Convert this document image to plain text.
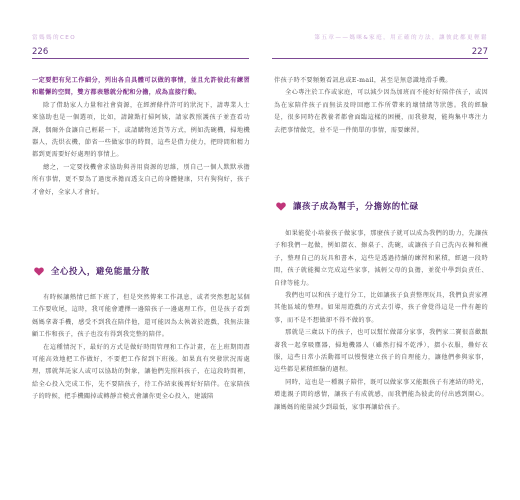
當媽媽的CEO
226

一定要把有兒工作細分，列出各自具體可以做的事情，並且允許彼此有練習和鬆懈的空間，雙方都表態就分配和分擔，成為直接行動。

除了借助家人力量和社會資源，在經濟條件許可的狀況下，請專業人士來協助也是一個選項，比如，請鐘點打掃阿姨，請家教照護孩子並查看功課，偶爾外食讓自己輕鬆一下，或請購物送貨等方式，例如洗碗機，掃地機器人，洗烘衣機，節省一些做家事的時間，這些是借力使力，把時間和精力都到更需要好好處理的事情上。

總之，一定要找機會求協助與善用資源的思維，別自己一個人默默承擔所有事情，更不要為了過度承擔而透支自己的身體健康，只有狗狗好，孩子才會好，全家人才會好。

全心投入，避免能量分散

有時候讓熱情已經下班了，但是突然傳來工作訊息，或者突然想起某個工作要收尾，這時，我可能會遭擇一邊陪孩子一邊處理工作，但是孩子看到媽媽拿著手機，感受不到我在陪伴他，還可能因為太執著於遊戲，我無法兼顧工作和孩子，孩子也沒有得到我完整的陪伴。

在這種情況下，最好的方式是做好時間管理和工作計畫，在上班期間盡可能高效地把工作做好，不要把工作留到下班後。如果真有突發狀況需處理，那就拜託家人或可以協助的對象，讓他們先照料孩子，在這段時間裡，給全心投入完成工作，先不要陪孩子，待工作結束後再好好陪伴。在家陪孩子的時候，把手機關掉或轉靜音模式會讓你更全心投入，建議陪

第五章——媽咪&家庭，用正確的方法，讓彼此都更輕鬆
227

伴孩子時不要頻頻看訊息或E-mail，甚至是無意識地滑手機。

全心專注於工作或家庭，可以減少因為加班而不能好好陪伴孩子，或因為在家陪伴孩子而無法及時回應工作所帶來的壞情緒等狀態。我的經驗是，很多同時在教養者都會面臨這樣的困擾，而我發現，能夠集中專注力去把事情做完，並不是一件簡單的事情，需要練習。

讓孩子成為幫手，分擔妳的忙碌

如果能從小培養孩子做家事，那麼孩子就可以成為我們的助力，先讓孩子和我們一起做，例如摺衣、擦桌子、洗碗，或讓孩子自己洗內衣褲和襪子，整理自己的玩具和書本，這些是透過持續的練習和累積，經過一段時間，孩子就能獨立完成這些家事，減輕父母的負擔，並從中學到負責任、自律等能力。

我們也可以和孩子進行分工，比如讓孩子負責整理玩具，我們負責家裡其他區域的整理。如果用遊戲的方式去引導，孩子會覺得這是一件有趣的事，而不是不想做卻不得不做的事。

那就是三歲以下的孩子，也可以幫忙做部分家事，我們家二寶很喜歡跟著我一起拿吸塵器，掃地機器人（雖然打掃不乾淨），摺小衣服，疊好衣服，這些日常小活動都可以慢慢建立孩子的自理能力，讓他們參與家事，這些都是累積經驗的過程。

同時，這也是一種親子陪伴，既可以做家事又能跟孩子有連結的時光，增進親子間的感情，讓孩子有成就感，而我們能為彼此的付出感到開心。讓媽媽的能量減少到最低，家事再讓給孩子。
